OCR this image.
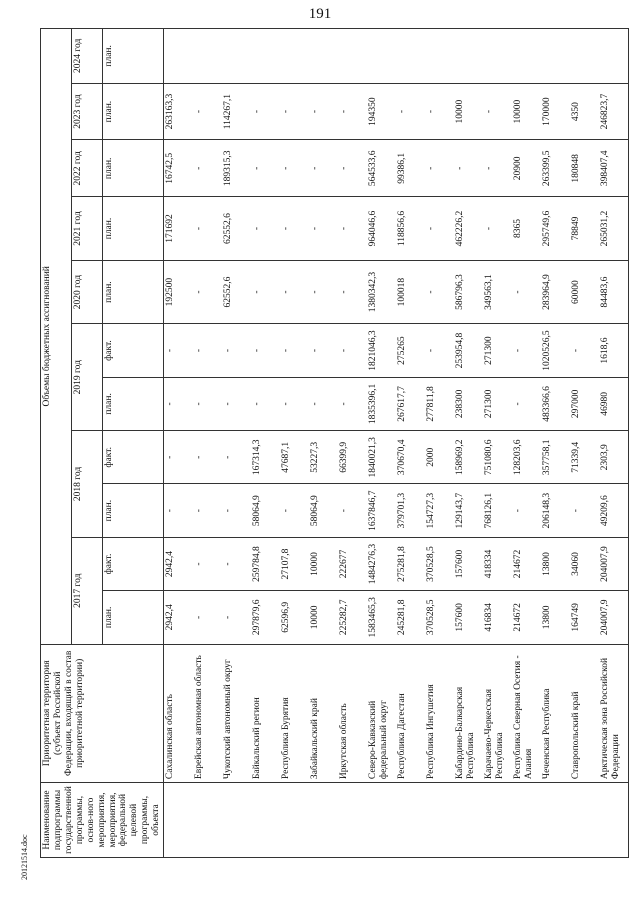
191
Наименование подпрограммы государственной программы, основ-ного мероприятия, мероприятия, федеральной целевой программы, объекта	Приоритетная территория (субъект Российской Федерации, входящий в состав приоритетной территории)	Объемы бюджетных ассигнований										
		2017 год		2018 год		2019 год		2020 год	2021 год	2022 год	2023 год	2024 год
		план.	факт.	план.	факт.	план.	факт.	план.	план.	план.	план.	план.
	Сахалинская область	2942,4	2942,4	-	-	-	-	192500	171692	16742,5	263163,3	
	Еврейская автономная область	-	-	-	-	-	-	-	-	-	-	
	Чукотский автономный округ	-	-	-	-	-	-	62552,6	62552,6	189315,3	114267,1	
	Байкальский регион	297879,6	259784,8	58064,9	167314,3	-	-	-	-	-	-	
	Республика Бурятия	62596,9	27107,8	-	47687,1	-	-	-	-	-	-	
	Забайкальский край	10000	10000	58064,9	53227,3	-	-	-	-	-	-	
	Иркутская область	225282,7	222677	-	66399,9	-	-	-	-	-	-	
	Северо-Кавказский федеральный округ	1583465,3	1484276,3	1637846,7	1840021,3	1835396,1	1821046,3	1380342,3	964046,6	564533,6	194350	
	Республика Дагестан	245281,8	275281,8	379701,3	370670,4	267617,7	275265	100018	118856,6	99386,1	-	
	Республика Ингушетия	370528,5	370528,5	154727,3	2000	277811,8	-	-	-	-	-	
	Кабардино-Балкарская Республика	157600	157600	129143,7	158969,2	238300	253954,8	586796,3	462226,2	-	10000	
	Карачаево-Черкесская Республика	416834	418334	768126,1	751080,6	271300	271300	349563,1	-	-	-	
	Республика Северная Осетия - Алания	214672	214672	-	128203,6	-	-	-	8365	20900	10000	
	Чеченская Республика	13800	13800	206148,3	357758,1	483366,6	1020526,5	283964,9	295749,6	263399,5	170000	
	Ставропольский край	164749	34060	-	71339,4	297000	-	60000	78849	180848	4350	
	Арктическая зона Российской Федерации	204007,9	204007,9	49209,6	2303,9	46980	1618,6	84483,6	265031,2	398407,4	246823,7	
20121514.doc
